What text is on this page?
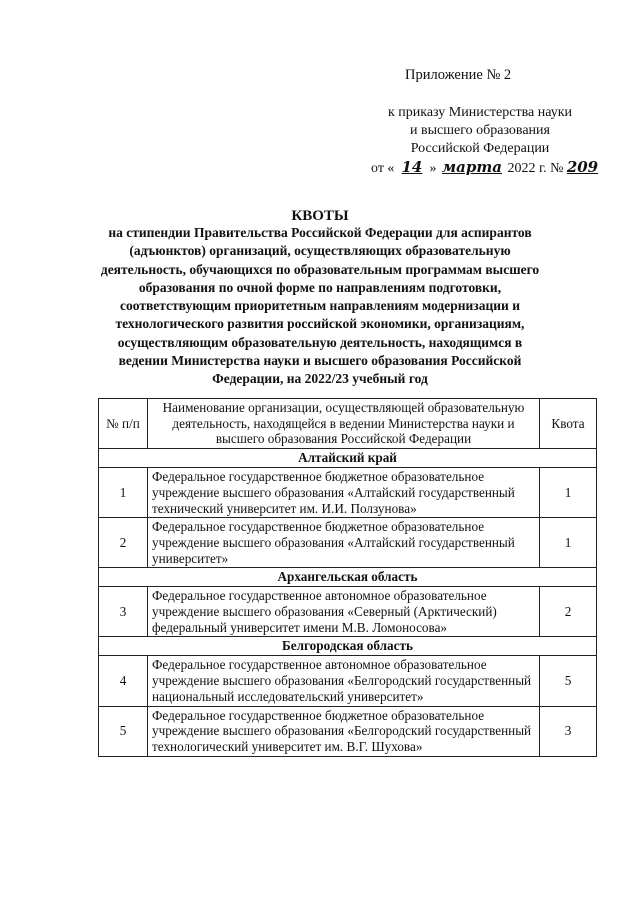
Приложение № 2
к приказу Министерства науки
и высшего образования
Российской Федерации
от « 14 » марта 2022 г. № 209
КВОТЫ
на стипендии Правительства Российской Федерации для аспирантов (адъюнктов) организаций, осуществляющих образовательную деятельность, обучающихся по образовательным программам высшего образования по очной форме по направлениям подготовки, соответствующим приоритетным направлениям модернизации и технологического развития российской экономики, организациям, осуществляющим образовательную деятельность, находящимся в ведении Министерства науки и высшего образования Российской Федерации, на 2022/23 учебный год
№ п/п	Наименование организации, осуществляющей образовательную деятельность, находящейся в ведении Министерства науки и высшего образования Российской Федерации	Квота
Алтайский край		
1	Федеральное государственное бюджетное образовательное учреждение высшего образования «Алтайский государственный технический университет им. И.И. Ползунова»	1
2	Федеральное государственное бюджетное образовательное учреждение высшего образования «Алтайский государственный университет»	1
Архангельская область		
3	Федеральное государственное автономное образовательное учреждение высшего образования «Северный (Арктический) федеральный университет имени М.В. Ломоносова»	2
Белгородская область		
4	Федеральное государственное автономное образовательное учреждение высшего образования «Белгородский государственный национальный исследовательский университет»	5
5	Федеральное государственное бюджетное образовательное учреждение высшего образования «Белгородский государственный технологический университет им. В.Г. Шухова»	3
